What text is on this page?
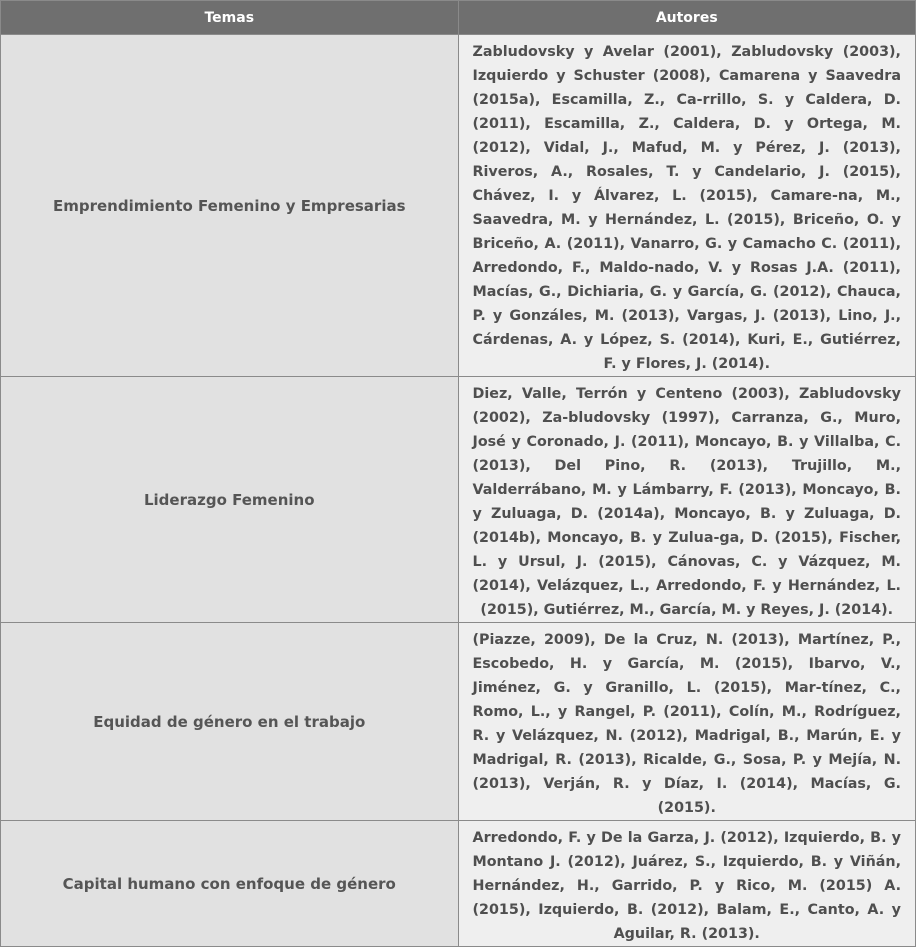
Temas	Autores
Emprendimiento Femenino y Empresarias	Zabludovsky y Avelar (2001), Zabludovsky (2003), Izquierdo y Schuster (2008), Camarena y Saavedra (2015a), Escamilla, Z., Ca-rrillo, S. y Caldera, D. (2011), Escamilla, Z., Caldera, D. y Ortega, M. (2012), Vidal, J., Mafud, M. y Pérez, J. (2013), Riveros, A., Rosales, T. y Candelario, J. (2015), Chávez, I. y Álvarez, L. (2015), Camare-na, M., Saavedra, M. y Hernández, L. (2015), Briceño, O. y Briceño, A. (2011), Vanarro, G. y Camacho C. (2011), Arredondo, F., Maldo-nado, V. y Rosas J.A. (2011), Macías, G., Dichiaria, G. y García, G. (2012), Chauca, P. y Gonzáles, M. (2013), Vargas, J. (2013), Lino, J., Cárdenas, A. y López, S. (2014), Kuri, E., Gutiérrez, F. y Flores, J. (2014).
Liderazgo Femenino	Diez, Valle, Terrón y Centeno (2003), Zabludovsky (2002), Za-bludovsky (1997), Carranza, G., Muro, José y Coronado, J. (2011), Moncayo, B. y Villalba, C. (2013), Del Pino, R. (2013), Trujillo, M., Valderrábano, M. y Lámbarry, F. (2013), Moncayo, B. y Zuluaga, D. (2014a), Moncayo, B. y Zuluaga, D. (2014b), Moncayo, B. y Zulua-ga, D. (2015), Fischer, L. y Ursul, J. (2015), Cánovas, C. y Vázquez, M. (2014), Velázquez, L., Arredondo, F. y Hernández, L. (2015), Gutiérrez, M., García, M. y Reyes, J. (2014).
Equidad de género en el trabajo	(Piazze, 2009), De la Cruz, N. (2013), Martínez, P., Escobedo, H. y García, M. (2015), Ibarvo, V., Jiménez, G. y Granillo, L. (2015), Mar-tínez, C., Romo, L., y Rangel, P. (2011), Colín, M., Rodríguez, R. y Velázquez, N. (2012), Madrigal, B., Marún, E. y Madrigal, R. (2013), Ricalde, G., Sosa, P. y Mejía, N. (2013), Verján, R. y Díaz, I. (2014), Macías, G. (2015).
Capital humano con enfoque de género	Arredondo, F. y De la Garza, J. (2012), Izquierdo, B. y Montano J. (2012), Juárez, S., Izquierdo, B. y Viñán, Hernández, H., Garrido, P. y Rico, M. (2015) A. (2015), Izquierdo, B. (2012), Balam, E., Canto, A. y Aguilar, R. (2013).
